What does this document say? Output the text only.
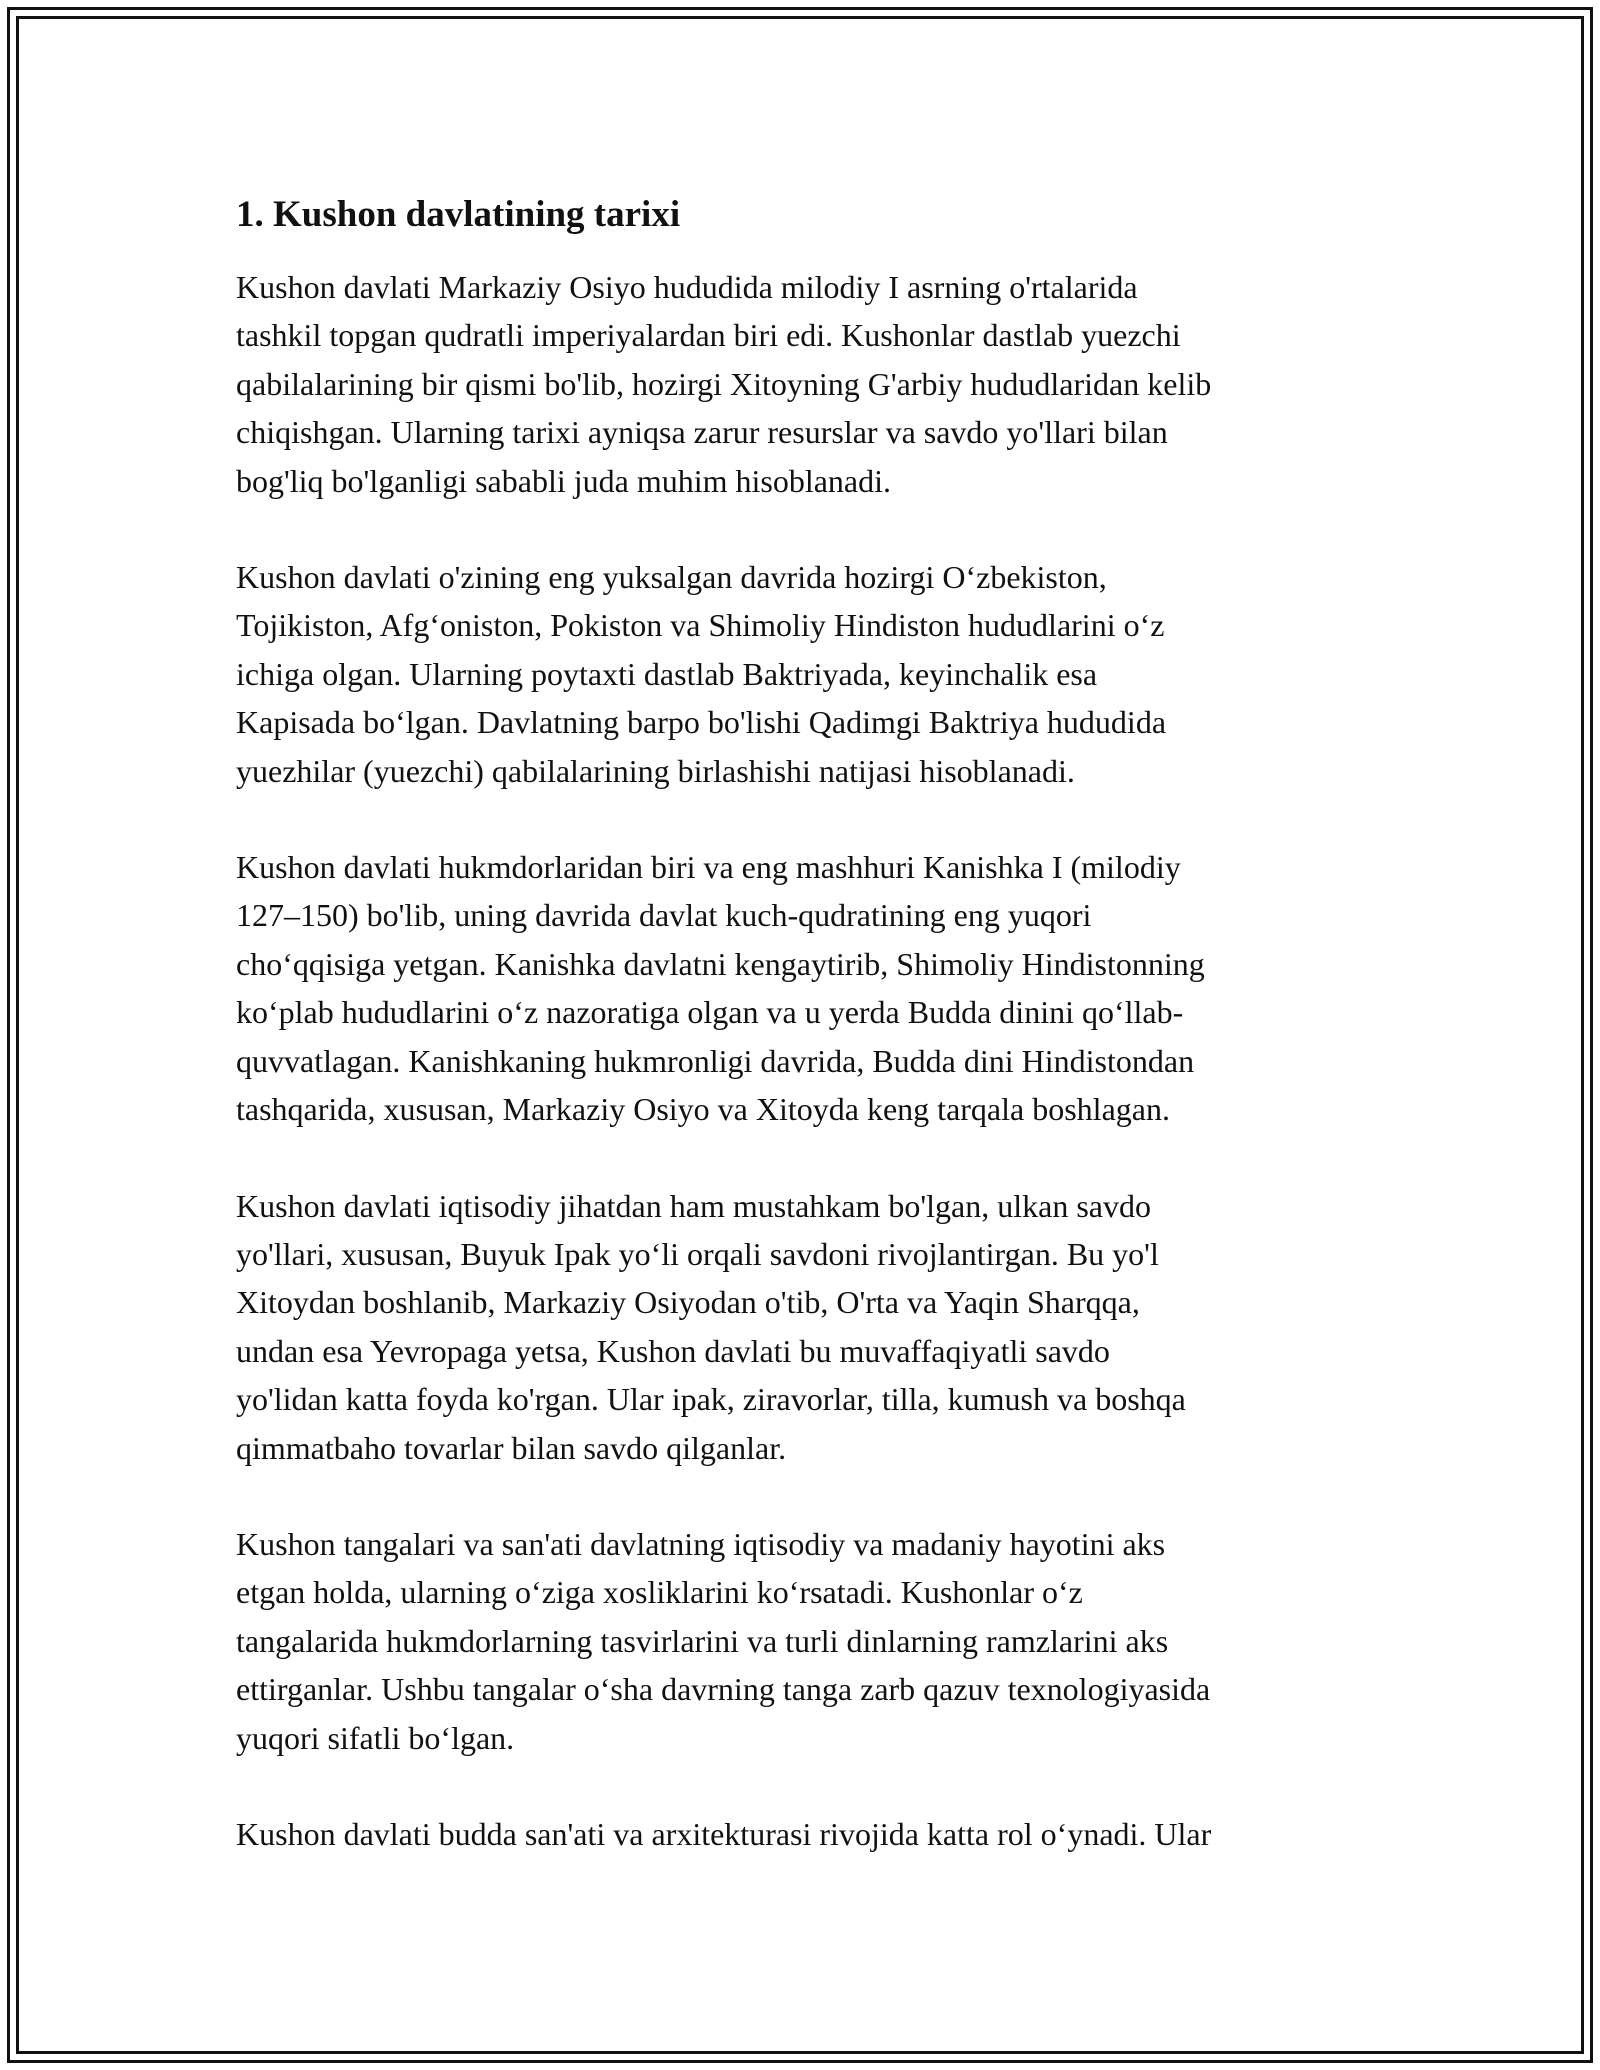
1. Kushon davlatining tarixi

Kushon davlati Markaziy Osiyo hududida milodiy I asrning o'rtalarida
tashkil topgan qudratli imperiyalardan biri edi. Kushonlar dastlab yuezchi
qabilalarining bir qismi bo'lib, hozirgi Xitoyning G'arbiy hududlaridan kelib
chiqishgan. Ularning tarixi ayniqsa zarur resurslar va savdo yo'llari bilan
bog'liq bo'lganligi sababli juda muhim hisoblanadi.

Kushon davlati o'zining eng yuksalgan davrida hozirgi O‘zbekiston,
Tojikiston, Afg‘oniston, Pokiston va Shimoliy Hindiston hududlarini o‘z
ichiga olgan. Ularning poytaxti dastlab Baktriyada, keyinchalik esa
Kapisada bo‘lgan. Davlatning barpo bo'lishi Qadimgi Baktriya hududida
yuezhilar (yuezchi) qabilalarining birlashishi natijasi hisoblanadi.

Kushon davlati hukmdorlaridan biri va eng mashhuri Kanishka I (milodiy
127–150) bo'lib, uning davrida davlat kuch-qudratining eng yuqori
cho‘qqisiga yetgan. Kanishka davlatni kengaytirib, Shimoliy Hindistonning
ko‘plab hududlarini o‘z nazoratiga olgan va u yerda Budda dinini qo‘llab-
quvvatlagan. Kanishkaning hukmronligi davrida, Budda dini Hindistondan
tashqarida, xususan, Markaziy Osiyo va Xitoyda keng tarqala boshlagan.

Kushon davlati iqtisodiy jihatdan ham mustahkam bo'lgan, ulkan savdo
yo'llari, xususan, Buyuk Ipak yo‘li orqali savdoni rivojlantirgan. Bu yo'l
Xitoydan boshlanib, Markaziy Osiyodan o'tib, O'rta va Yaqin Sharqqa,
undan esa Yevropaga yetsa, Kushon davlati bu muvaffaqiyatli savdo
yo'lidan katta foyda ko'rgan. Ular ipak, ziravorlar, tilla, kumush va boshqa
qimmatbaho tovarlar bilan savdo qilganlar.

Kushon tangalari va san'ati davlatning iqtisodiy va madaniy hayotini aks
etgan holda, ularning o‘ziga xosliklarini ko‘rsatadi. Kushonlar o‘z
tangalarida hukmdorlarning tasvirlarini va turli dinlarning ramzlarini aks
ettirganlar. Ushbu tangalar o‘sha davrning tanga zarb qazuv texnologiyasida
yuqori sifatli bo‘lgan.

Kushon davlati budda san'ati va arxitekturasi rivojida katta rol o‘ynadi. Ular
